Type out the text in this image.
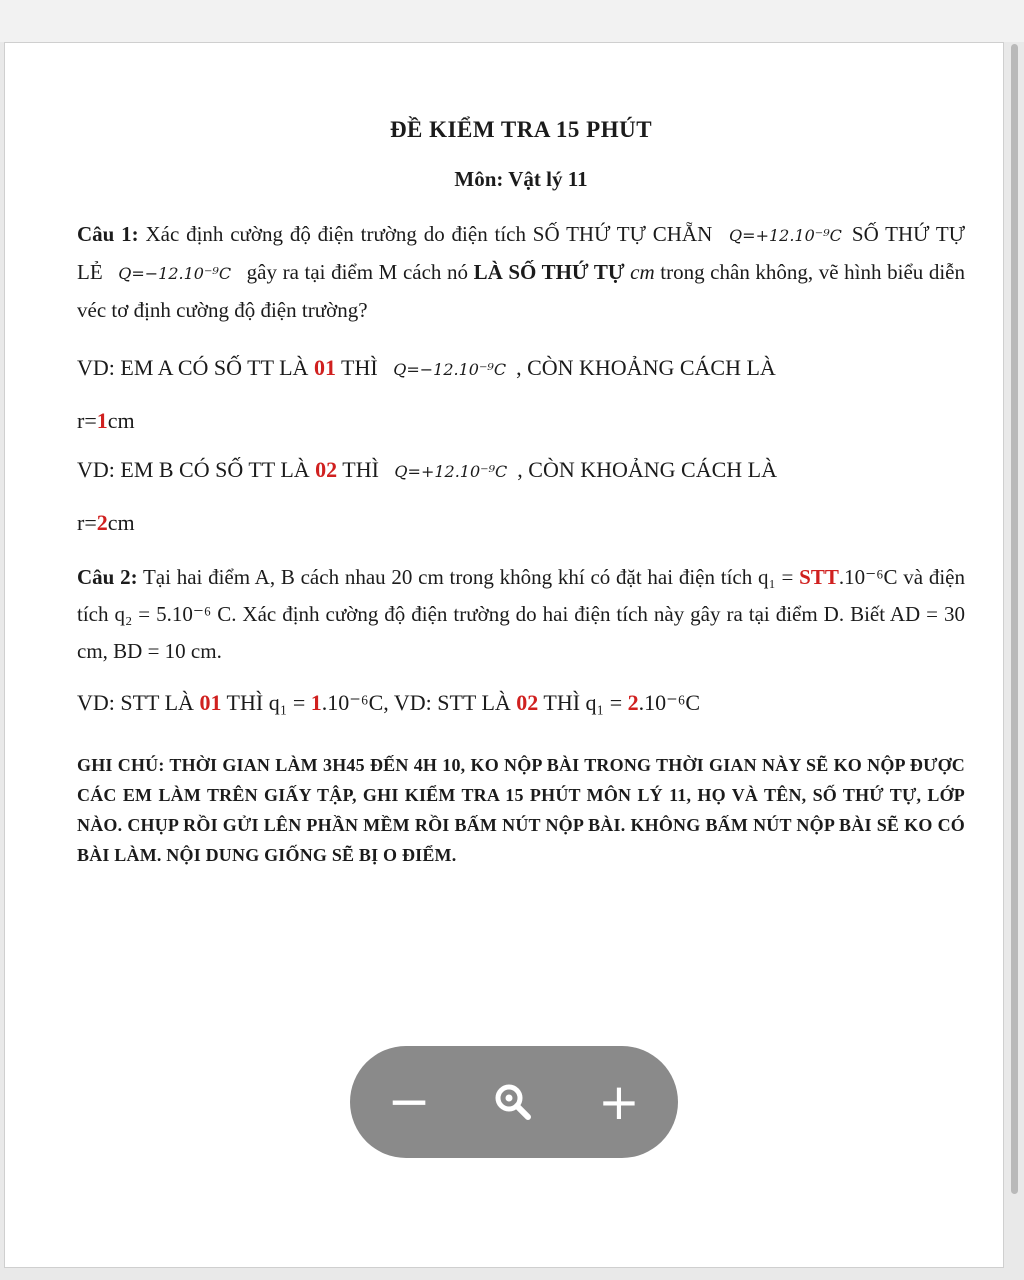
ĐỀ KIỂM TRA 15 PHÚT
Môn: Vật lý 11

Câu 1: Xác định cường độ điện trường do điện tích SỐ THỨ TỰ CHẴN Q=+12.10⁻⁹C SỐ THỨ TỰ LẺ Q=−12.10⁻⁹C gây ra tại điểm M cách nó LÀ SỐ THỨ TỰ cm trong chân không, vẽ hình biểu diễn véc tơ định cường độ điện trường?

VD: EM A CÓ SỐ TT LÀ 01 THÌ Q=−12.10⁻⁹C , CÒN KHOẢNG CÁCH LÀ

r=1cm

VD: EM B CÓ SỐ TT LÀ 02 THÌ Q=+12.10⁻⁹C , CÒN KHOẢNG CÁCH LÀ

r=2cm

Câu 2: Tại hai điểm A, B cách nhau 20 cm trong không khí có đặt hai điện tích q₁ = STT.10⁻⁶C và điện tích q₂ = 5.10⁻⁶ C. Xác định cường độ điện trường do hai điện tích này gây ra tại điểm D. Biết AD = 30 cm, BD = 10 cm.

VD: STT LÀ 01 THÌ q₁ = 1.10⁻⁶C, VD: STT LÀ 02 THÌ q₁ = 2.10⁻⁶C

GHI CHÚ: THỜI GIAN LÀM 3H45 ĐẾN 4H 10, KO NỘP BÀI TRONG THỜI GIAN NÀY SẼ KO NỘP ĐƯỢC CÁC EM LÀM TRÊN GIẤY TẬP, GHI KIỂM TRA 15 PHÚT MÔN LÝ 11, HỌ VÀ TÊN, SỐ THỨ TỰ, LỚP NÀO. CHỤP RỒI GỬI LÊN PHẦN MỀM RỒI BẤM NÚT NỘP BÀI. KHÔNG BẤM NÚT NỘP BÀI SẼ KO CÓ BÀI LÀM. NỘI DUNG GIỐNG SẼ BỊ O ĐIỂM.
−	+
